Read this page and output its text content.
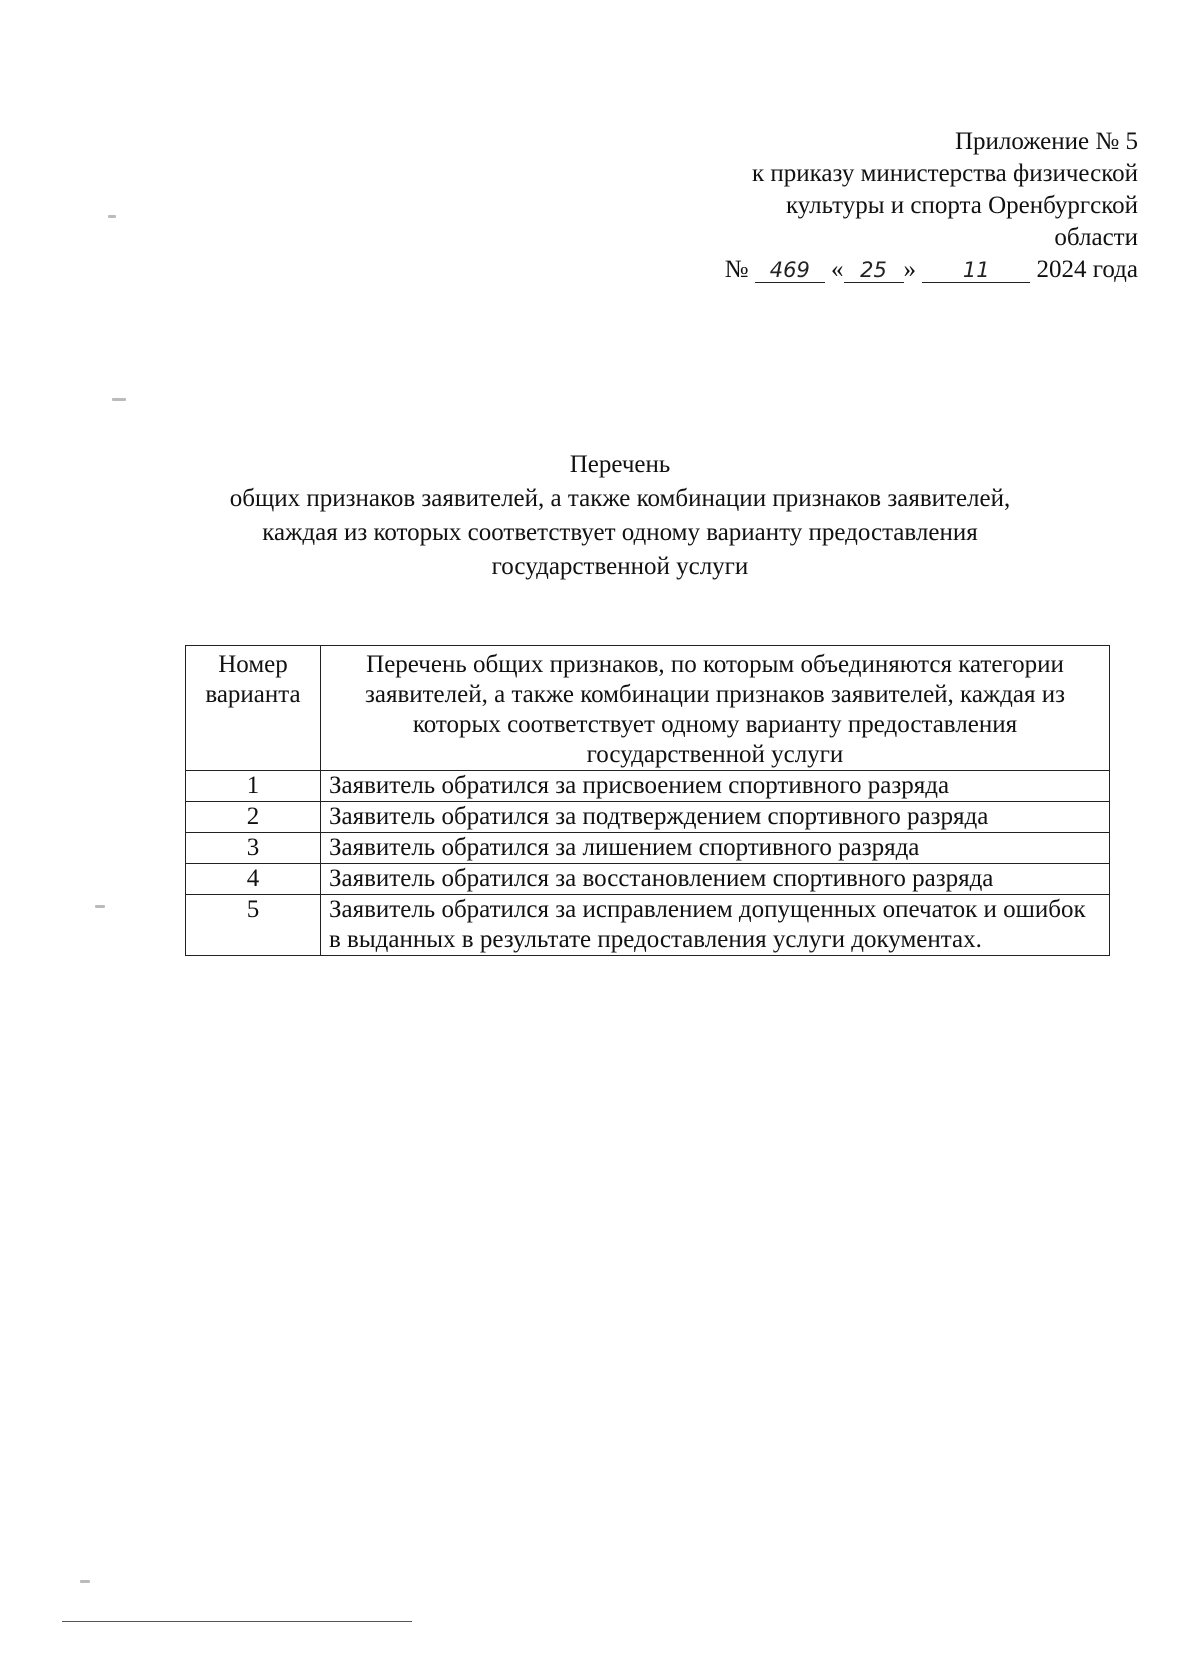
Приложение № 5
к приказу министерства физической
культуры и спорта Оренбургской
области
№ 469 « 25 » 11 2024 года
Перечень
общих признаков заявителей, а также комбинации признаков заявителей,
каждая из которых соответствует одному варианту предоставления
государственной услуги
Номер варианта	Перечень общих признаков, по которым объединяются категории заявителей, а также комбинации признаков заявителей, каждая из которых соответствует одному варианту предоставления государственной услуги
1	Заявитель обратился за присвоением спортивного разряда
2	Заявитель обратился за подтверждением спортивного разряда
3	Заявитель обратился за лишением спортивного разряда
4	Заявитель обратился за восстановлением спортивного разряда
5	Заявитель обратился за исправлением допущенных опечаток и ошибок в выданных в результате предоставления услуги документах.
